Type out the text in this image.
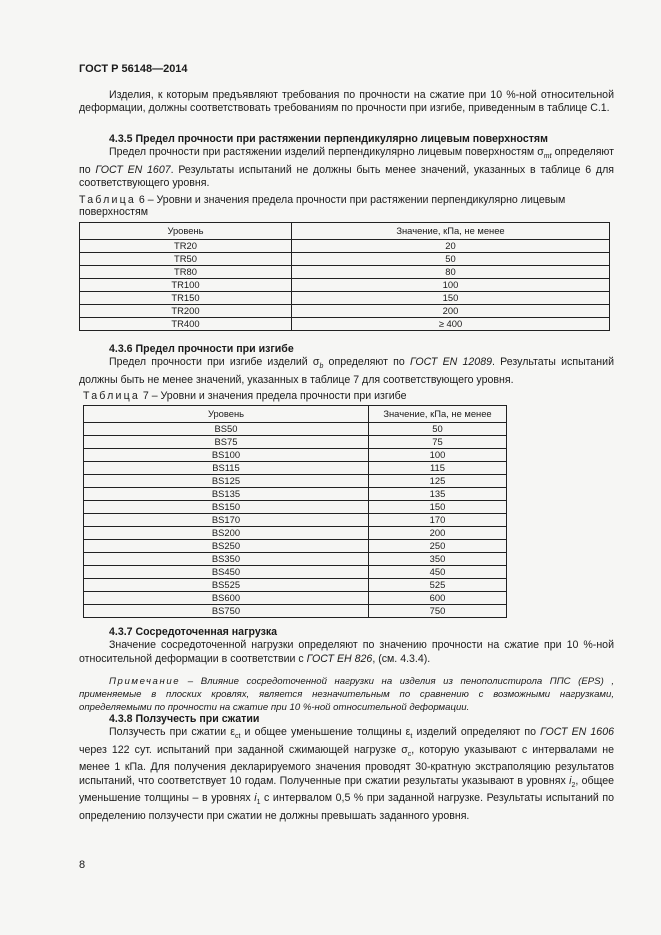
ГОСТ Р 56148—2014

Изделия, к которым предъявляют требования по прочности на сжатие при 10 %-ной относительной деформации, должны соответствовать требованиям по прочности при изгибе, приведенным в таблице С.1.

4.3.5 Предел прочности при растяжении перпендикулярно лицевым поверхностям

Предел прочности при растяжении изделий перпендикулярно лицевым поверхностям $\sigma_{mt}$ определяют по ГОСТ EN 1607. Результаты испытаний не должны быть менее значений, указанных в таблице 6 для соответствующего уровня.

Таблица 6 – Уровни и значения предела прочности при растяжении перпендикулярно лицевым поверхностям
Уровень	Значение, кПа, не менее
TR20	20
TR50	50
TR80	80
TR100	100
TR150	150
TR200	200
TR400	≥ 400
4.3.6 Предел прочности при изгибе

Предел прочности при изгибе изделий $\sigma_b$ определяют по ГОСТ EN 12089. Результаты испытаний должны быть не менее значений, указанных в таблице 7 для соответствующего уровня.

Таблица 7 – Уровни и значения предела прочности при изгибе
Уровень	Значение, кПа, не менее
BS50	50
BS75	75
BS100	100
BS115	115
BS125	125
BS135	135
BS150	150
BS170	170
BS200	200
BS250	250
BS350	350
BS450	450
BS525	525
BS600	600
BS750	750
4.3.7 Сосредоточенная нагрузка

Значение сосредоточенной нагрузки определяют по значению прочности на сжатие при 10 %-ной относительной деформации в соответствии с ГОСТ EH 826, (см. 4.3.4).

Примечание – Влияние сосредоточенной нагрузки на изделия из пенополистирола ППС (EPS) , применяемые в плоских кровлях, является незначительным по сравнению с возможными нагрузками, определяемыми по прочности на сжатие при 10 %-ной относительной деформации.

4.3.8 Ползучесть при сжатии

Ползучесть при сжатии $\varepsilon_{ct}$ и общее уменьшение толщины $\varepsilon_t$ изделий определяют по ГОСТ EN 1606 через 122 сут. испытаний при заданной сжимающей нагрузке $\sigma_c$, которую указывают с интервалами не менее 1 кПа. Для получения декларируемого значения проводят 30-кратную экстраполяцию результатов испытаний, что соответствует 10 годам. Полученные при сжатии результаты указывают в уровнях $i_2$, общее уменьшение толщины – в уровнях $i_1$ с интервалом 0,5 % при заданной нагрузке. Результаты испытаний по определению ползучести при сжатии не должны превышать заданного уровня.

8
